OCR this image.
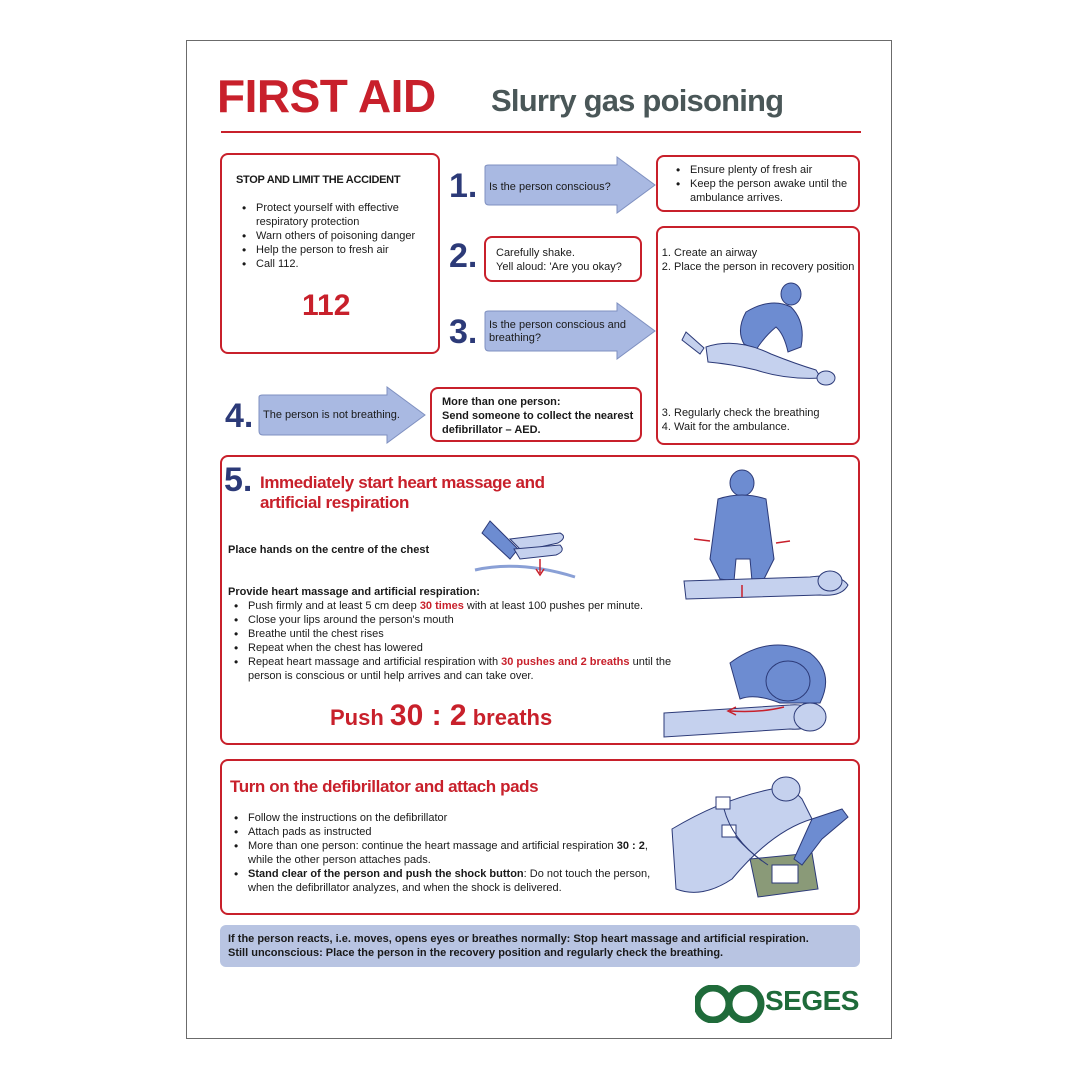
FIRST AID Slurry gas poisoning
STOP AND LIMIT THE ACCIDENT
• Protect yourself with effective respiratory protection
• Warn others of poisoning danger
• Help the person to fresh air
• Call 112.
112
1. Is the person conscious?
• Ensure plenty of fresh air
• Keep the person awake until the ambulance arrives.
2. Carefully shake.
Yell aloud: 'Are you okay?
1. Create an airway
2. Place the person in recovery position
3. Regularly check the breathing
4. Wait for the ambulance.
3. Is the person conscious and breathing?
4. The person is not breathing.
More than one person:
Send someone to collect the nearest defibrillator – AED.
5. Immediately start heart massage and artificial respiration
Place hands on the centre of the chest
Provide heart massage and artificial respiration:
• Push firmly and at least 5 cm deep 30 times with at least 100 pushes per minute.
• Close your lips around the person's mouth
• Breathe until the chest rises
• Repeat when the chest has lowered
• Repeat heart massage and artificial respiration with 30 pushes and 2 breaths until the person is conscious or until help arrives and can take over.
Push 30 : 2 breaths
Turn on the defibrillator and attach pads
• Follow the instructions on the defibrillator
• Attach pads as instructed
• More than one person: continue the heart massage and artificial respiration 30 : 2, while the other person attaches pads.
• Stand clear of the person and push the shock button: Do not touch the person, when the defibrillator analyzes, and when the shock is delivered.
If the person reacts, i.e. moves, opens eyes or breathes normally: Stop heart massage and artificial respiration.
Still unconscious: Place the person in the recovery position and regularly check the breathing.
SEGES
